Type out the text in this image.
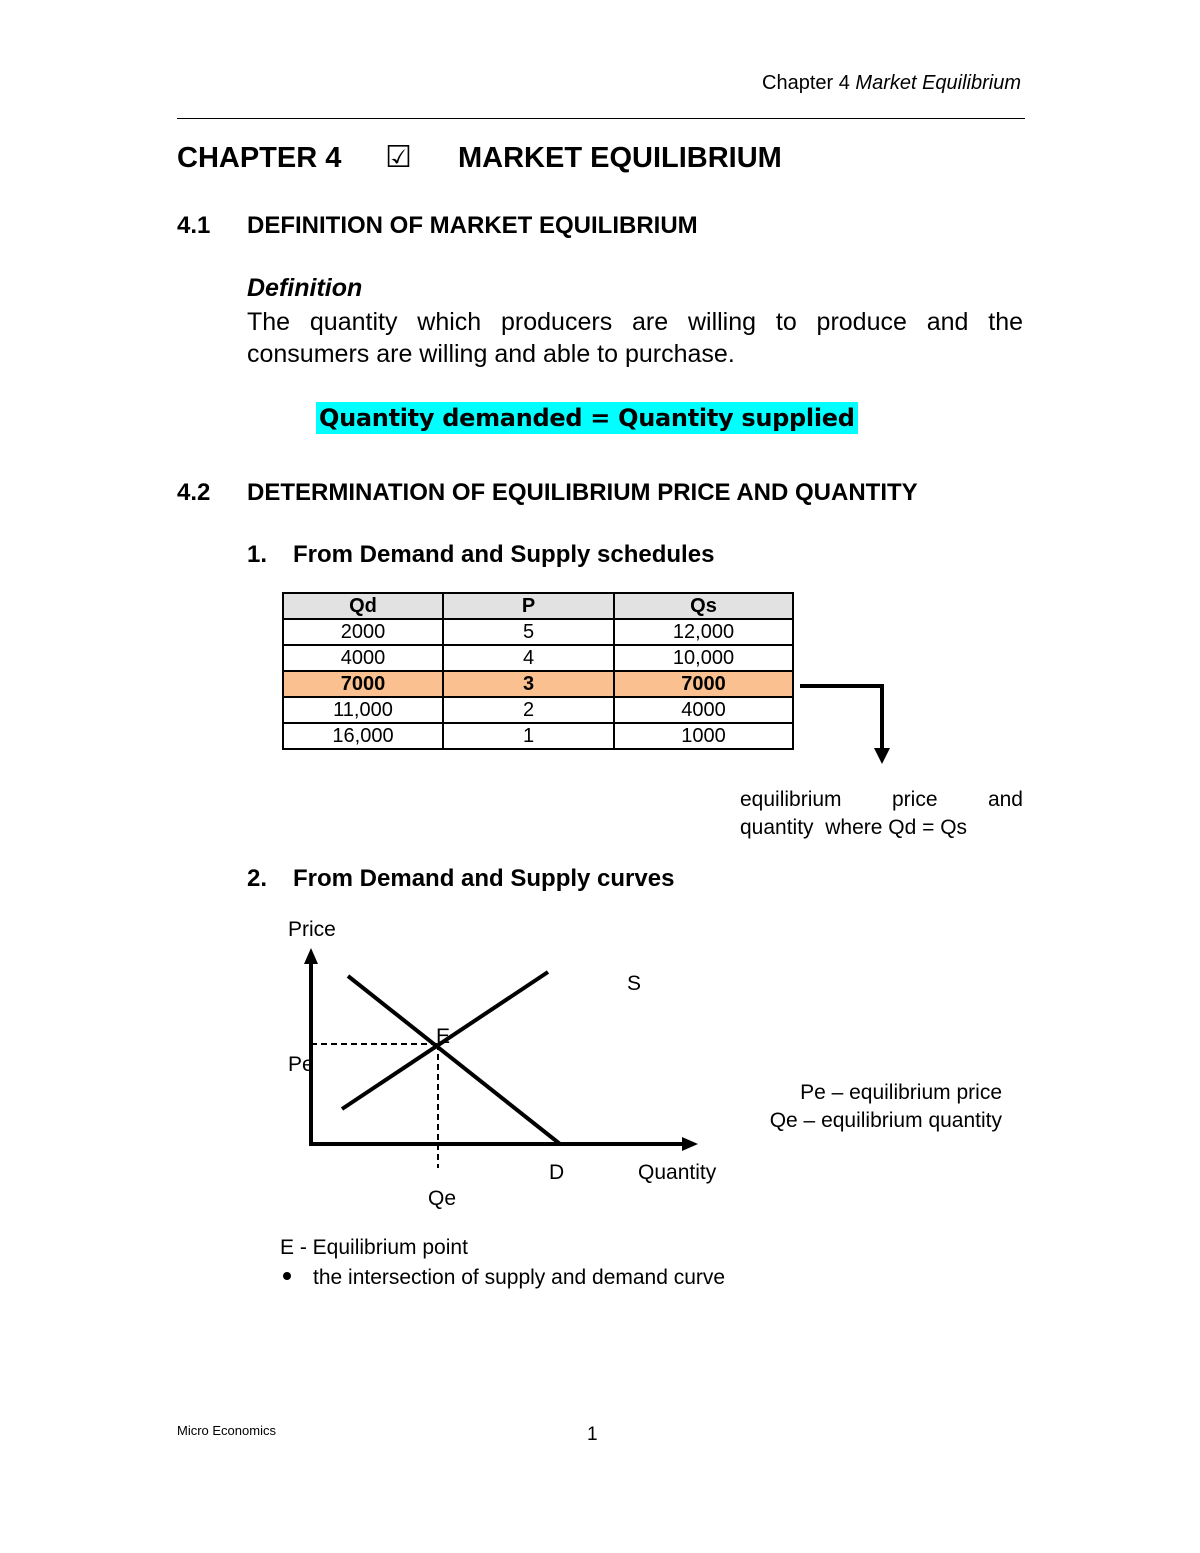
Chapter 4 Market Equilibrium
CHAPTER 4 ☑ MARKET EQUILIBRIUM
4.1 DEFINITION OF MARKET EQUILIBRIUM
Definition
The quantity which producers are willing to produce and the consumers are willing and able to purchase.
Quantity demanded = Quantity supplied
4.2 DETERMINATION OF EQUILIBRIUM PRICE AND QUANTITY
1. From Demand and Supply schedules
Qd	P	Qs
2000	5	12,000
4000	4	10,000
7000	3	7000
11,000	2	4000
16,000	1	1000
equilibrium price and
quantity  where Qd = Qs
2. From Demand and Supply curves
Price
S
E
Pe
D	Quantity
Qe
Pe – equilibrium price
Qe – equilibrium quantity
E - Equilibrium point
the intersection of supply and demand curve
Micro Economics	1
